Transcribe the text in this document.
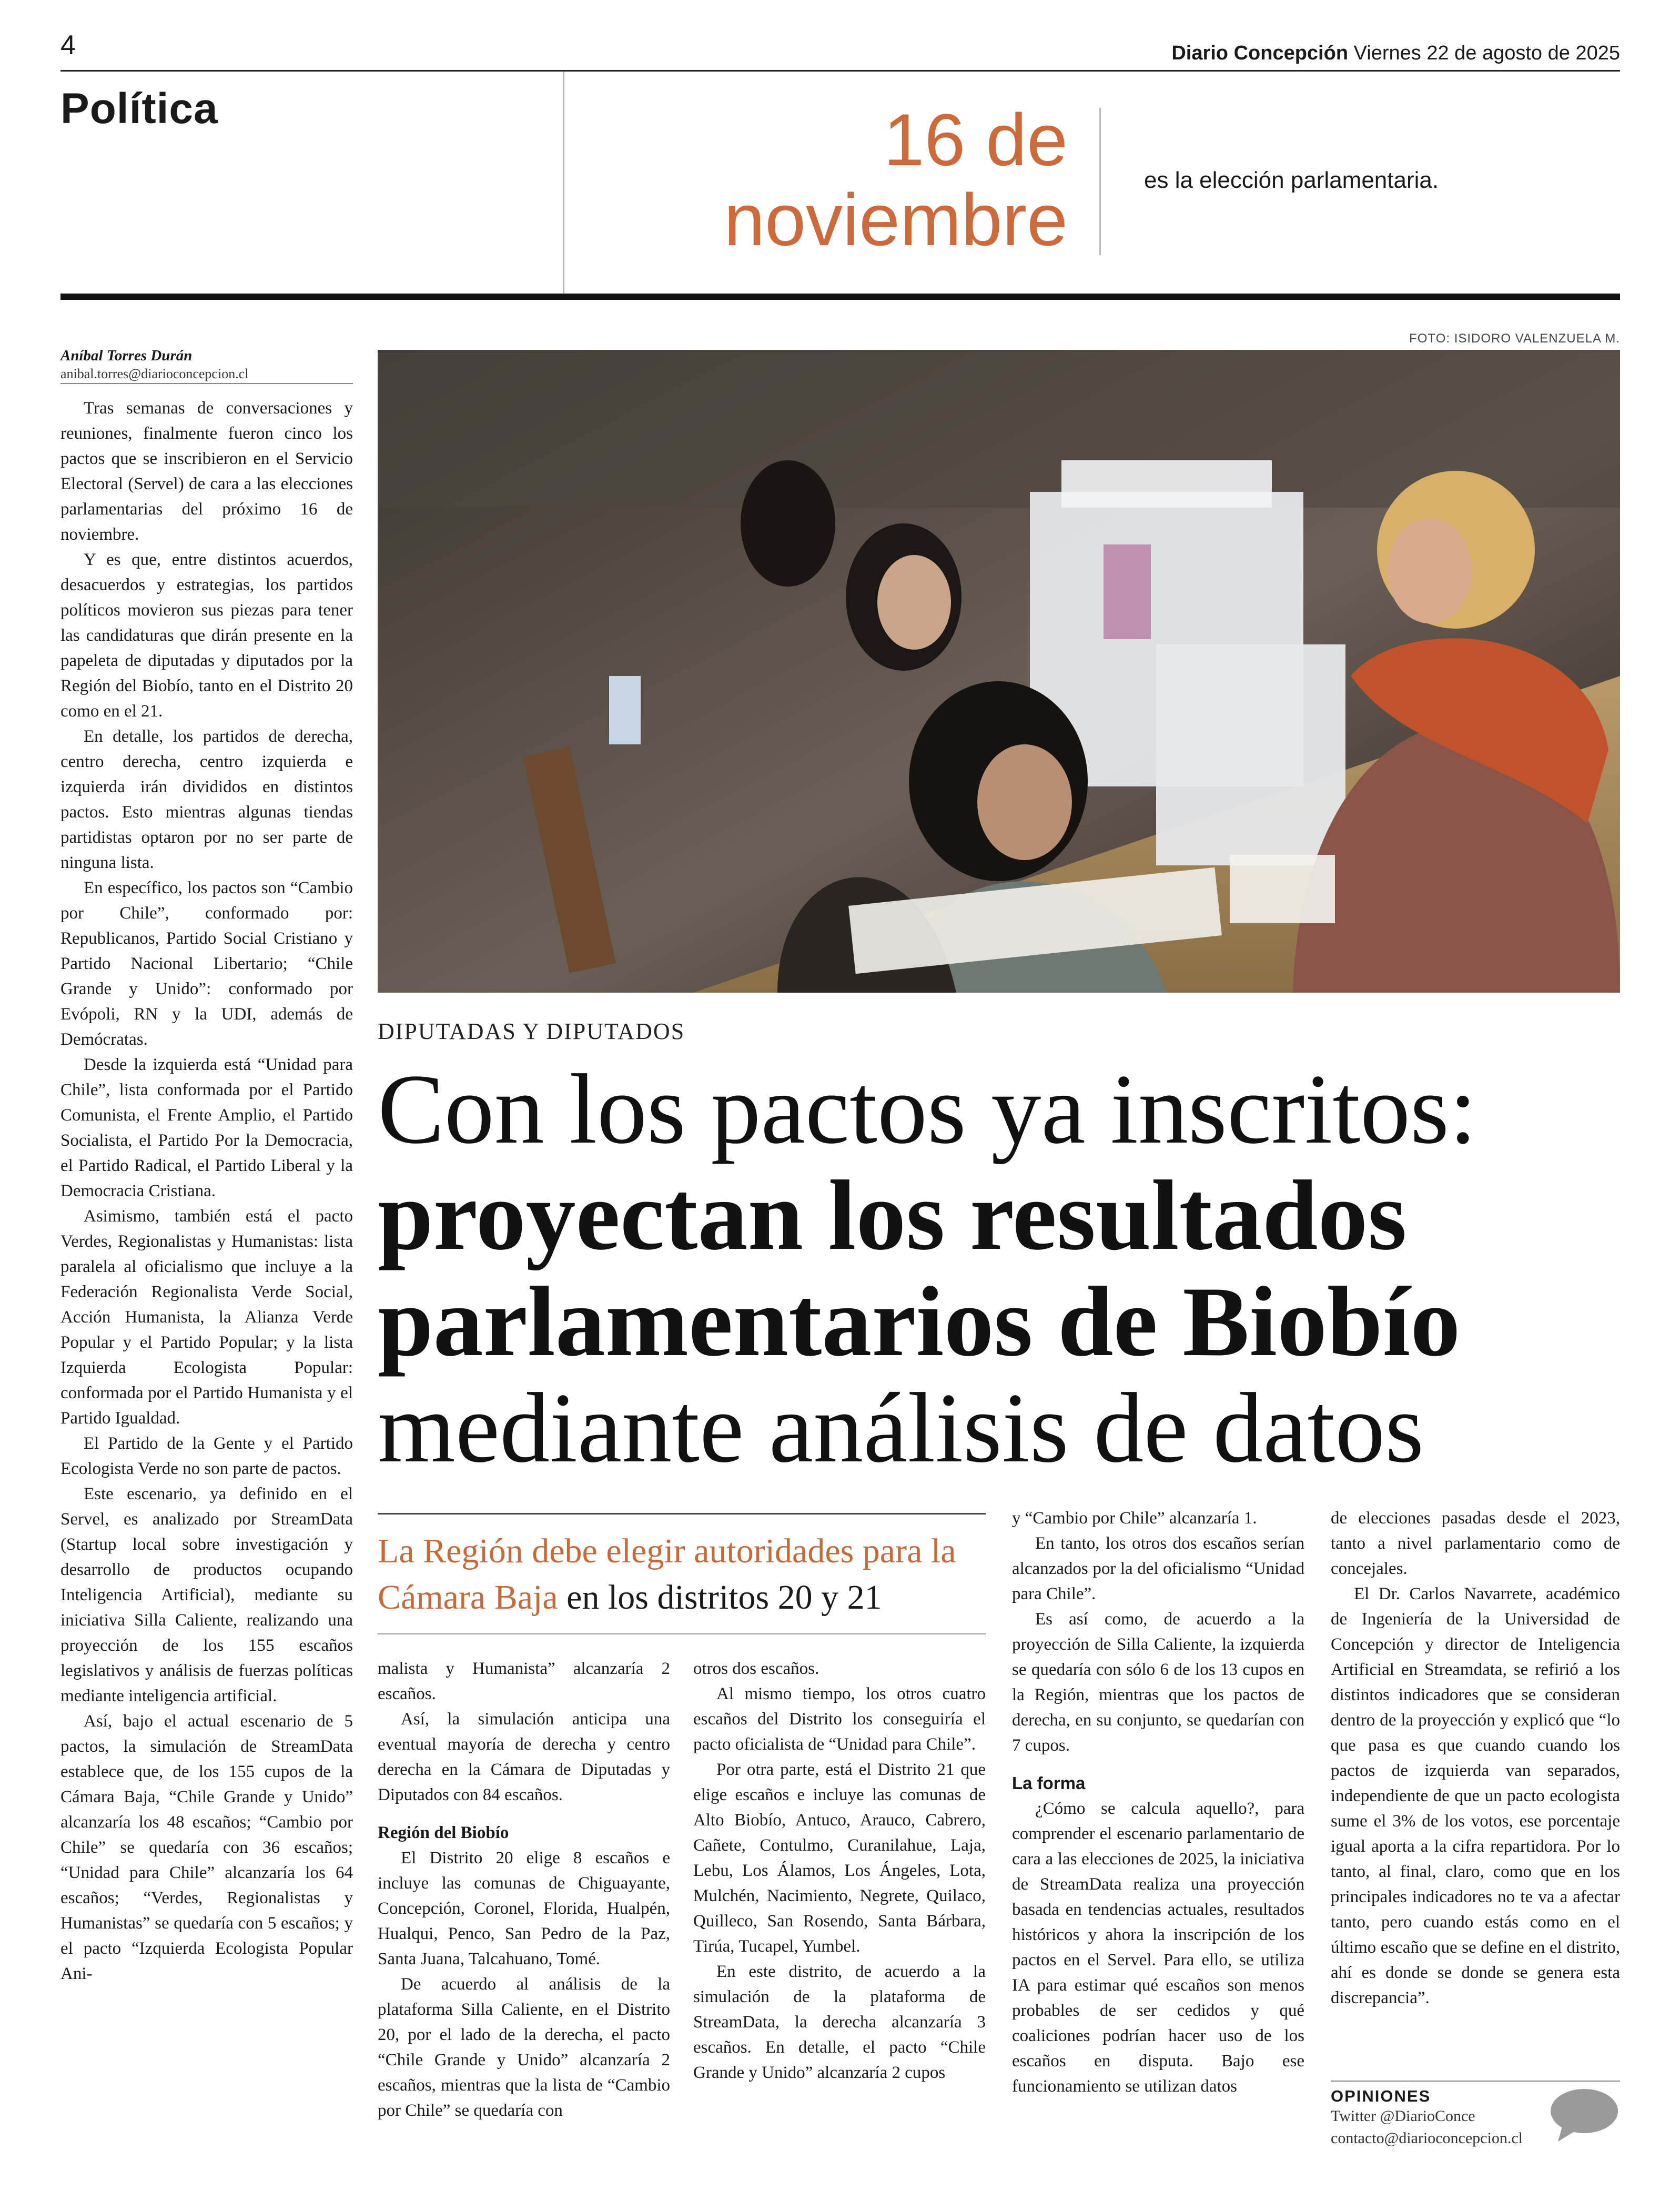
4	Diario Concepción Viernes 22 de agosto de 2025
Política	16 de
noviembre	es la elección parlamentaria.
Aníbal Torres Durán
anibal.torres@diarioconcepcion.cl
FOTO: ISIDORO VALENZUELA M.
DIPUTADAS Y DIPUTADOS
Con los pactos ya inscritos:
proyectan los resultados
parlamentarios de Biobío
mediante análisis de datos
La Región debe elegir autoridades para la Cámara Baja en los distritos 20 y 21

Tras semanas de conversaciones y reuniones, finalmente fueron cinco los pactos que se inscribieron en el Servicio Electoral (Servel) de cara a las elecciones parlamentarias del próximo 16 de noviembre.

Y es que, entre distintos acuerdos, desacuerdos y estrategias, los partidos políticos movieron sus piezas para tener las candidaturas que dirán presente en la papeleta de diputadas y diputados por la Región del Biobío, tanto en el Distrito 20 como en el 21.

En detalle, los partidos de derecha, centro derecha, centro izquierda e izquierda irán divididos en distintos pactos. Esto mientras algunas tiendas partidistas optaron por no ser parte de ninguna lista.

En específico, los pactos son “Cambio por Chile”, conformado por: Republicanos, Partido Social Cristiano y Partido Nacional Libertario; “Chile Grande y Unido”: conformado por Evópoli, RN y la UDI, además de Demócratas.

Desde la izquierda está “Unidad para Chile”, lista conformada por el Partido Comunista, el Frente Amplio, el Partido Socialista, el Partido Por la Democracia, el Partido Radical, el Partido Liberal y la Democracia Cristiana.

Asimismo, también está el pacto Verdes, Regionalistas y Humanistas: lista paralela al oficialismo que incluye a la Federación Regionalista Verde Social, Acción Humanista, la Alianza Verde Popular y el Partido Popular; y la lista Izquierda Ecologista Popular: conformada por el Partido Humanista y el Partido Igualdad.

El Partido de la Gente y el Partido Ecologista Verde no son parte de pactos.

Este escenario, ya definido en el Servel, es analizado por StreamData (Startup local sobre investigación y desarrollo de productos ocupando Inteligencia Artificial), mediante su iniciativa Silla Caliente, realizando una proyección de los 155 escaños legislativos y análisis de fuerzas políticas mediante inteligencia artificial.

Así, bajo el actual escenario de 5 pactos, la simulación de StreamData establece que, de los 155 cupos de la Cámara Baja, “Chile Grande y Unido” alcanzaría los 48 escaños; “Cambio por Chile” se quedaría con 36 escaños; “Unidad para Chile” alcanzaría los 64 escaños; “Verdes, Regionalistas y Humanistas” se quedaría con 5 escaños; y el pacto “Izquierda Ecologista Popular Ani-

malista y Humanista” alcanzaría 2 escaños.

Así, la simulación anticipa una eventual mayoría de derecha y centro derecha en la Cámara de Diputadas y Diputados con 84 escaños.

Región del Biobío

El Distrito 20 elige 8 escaños e incluye las comunas de Chiguayante, Concepción, Coronel, Florida, Hualpén, Hualqui, Penco, San Pedro de la Paz, Santa Juana, Talcahuano, Tomé.

De acuerdo al análisis de la plataforma Silla Caliente, en el Distrito 20, por el lado de la derecha, el pacto “Chile Grande y Unido” alcanzaría 2 escaños, mientras que la lista de “Cambio por Chile” se quedaría con

otros dos escaños.

Al mismo tiempo, los otros cuatro escaños del Distrito los conseguiría el pacto oficialista de “Unidad para Chile”.

Por otra parte, está el Distrito 21 que elige escaños e incluye las comunas de Alto Biobío, Antuco, Arauco, Cabrero, Cañete, Contulmo, Curanilahue, Laja, Lebu, Los Álamos, Los Ángeles, Lota, Mulchén, Nacimiento, Negrete, Quilaco, Quilleco, San Rosendo, Santa Bárbara, Tirúa, Tucapel, Yumbel.

En este distrito, de acuerdo a la simulación de la plataforma de StreamData, la derecha alcanzaría 3 escaños. En detalle, el pacto “Chile Grande y Unido” alcanzaría 2 cupos

y “Cambio por Chile” alcanzaría 1.

En tanto, los otros dos escaños serían alcanzados por la del oficialismo “Unidad para Chile”.

Es así como, de acuerdo a la proyección de Silla Caliente, la izquierda se quedaría con sólo 6 de los 13 cupos en la Región, mientras que los pactos de derecha, en su conjunto, se quedarían con 7 cupos.

La forma

¿Cómo se calcula aquello?, para comprender el escenario parlamentario de cara a las elecciones de 2025, la iniciativa de StreamData realiza una proyección basada en tendencias actuales, resultados históricos y ahora la inscripción de los pactos en el Servel. Para ello, se utiliza IA para estimar qué escaños son menos probables de ser cedidos y qué coaliciones podrían hacer uso de los escaños en disputa. Bajo ese funcionamiento se utilizan datos

de elecciones pasadas desde el 2023, tanto a nivel parlamentario como de concejales.

El Dr. Carlos Navarrete, académico de Ingeniería de la Universidad de Concepción y director de Inteligencia Artificial en Streamdata, se refirió a los distintos indicadores que se consideran dentro de la proyección y explicó que “lo que pasa es que cuando cuando los pactos de izquierda van separados, independiente de que un pacto ecologista sume el 3% de los votos, ese porcentaje igual aporta a la cifra repartidora. Por lo tanto, al final, claro, como que en los principales indicadores no te va a afectar tanto, pero cuando estás como en el último escaño que se define en el distrito, ahí es donde se donde se genera esta discrepancia”.

OPINIONES
Twitter @DiarioConce
contacto@diarioconcepcion.cl
